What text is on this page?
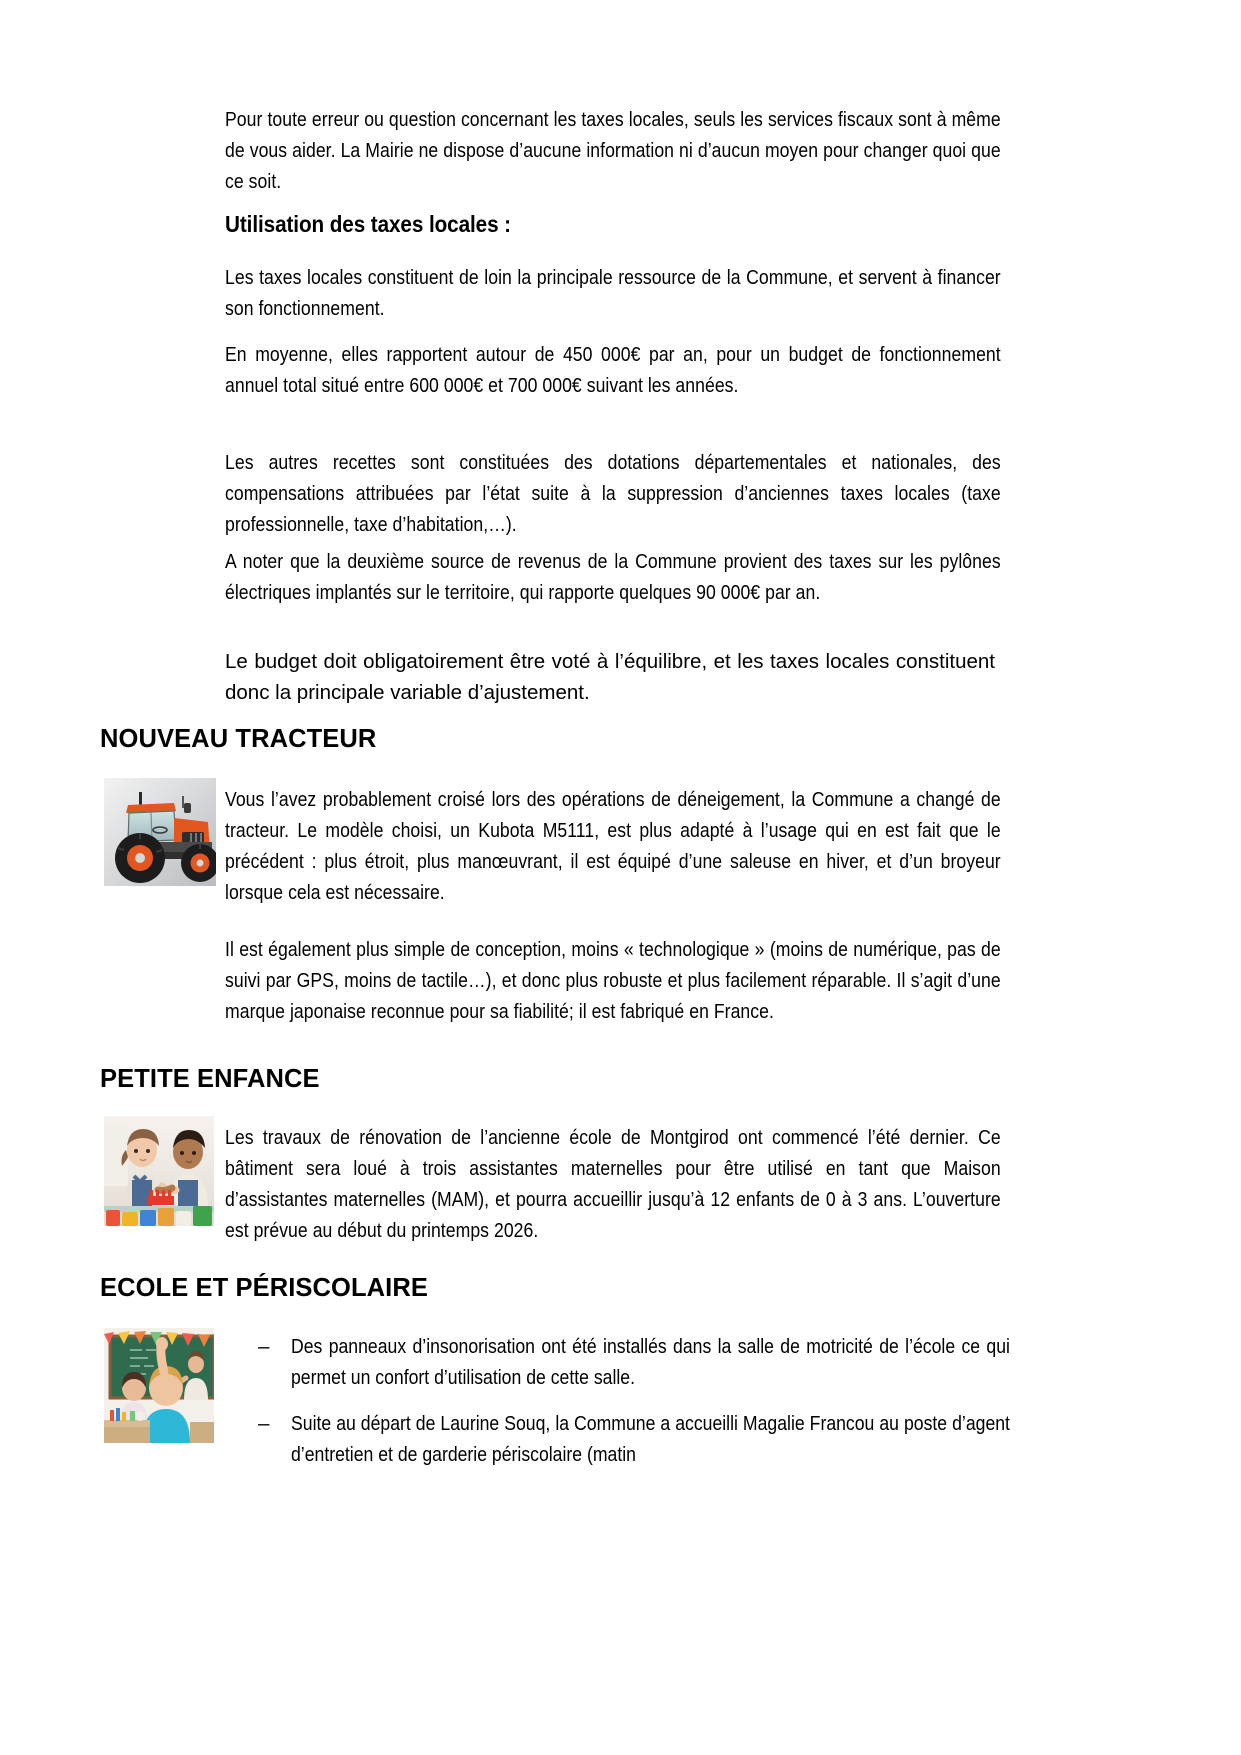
Pour toute erreur ou question concernant les taxes locales, seuls les services fiscaux sont à même de vous aider. La Mairie ne dispose d’aucune information ni d’aucun moyen pour changer quoi que ce soit.
Utilisation des taxes locales :
Les taxes locales constituent de loin la principale ressource de la Commune, et servent à financer son fonctionnement.
En moyenne, elles rapportent autour de 450 000€ par an, pour un budget de fonctionnement annuel total situé entre 600 000€ et 700 000€ suivant les années.
Les autres recettes sont constituées des dotations départementales et nationales, des compensations attribuées par l’état suite à la suppression d’anciennes taxes locales (taxe professionnelle, taxe d’habitation,…).
A noter que la deuxième source de revenus de la Commune provient des taxes sur les pylônes électriques implantés sur le territoire, qui rapporte quelques 90 000€ par an.
Le budget doit obligatoirement être voté à l’équilibre, et les taxes locales constituent donc la principale variable d’ajustement.
NOUVEAU TRACTEUR
Vous l’avez probablement croisé lors des opérations de déneigement, la Commune a changé de tracteur. Le modèle choisi, un Kubota M5111, est plus adapté à l’usage qui en est fait que le précédent : plus étroit, plus manœuvrant, il est équipé d’une saleuse en hiver, et d’un broyeur lorsque cela est nécessaire.
Il est également plus simple de conception, moins « technologique » (moins de numérique, pas de suivi par GPS, moins de tactile…), et donc plus robuste et plus facilement réparable. Il s’agit d’une marque japonaise reconnue pour sa fiabilité; il est fabriqué en France.
PETITE ENFANCE
Les travaux de rénovation de l’ancienne école de Montgirod ont commencé l’été dernier. Ce bâtiment sera loué à trois assistantes maternelles pour être utilisé en tant que Maison d’assistantes maternelles (MAM), et pourra accueillir jusqu’à 12 enfants de 0 à 3 ans. L’ouverture est prévue au début du printemps 2026.
ECOLE ET PÉRISCOLAIRE
– Des panneaux d’insonorisation ont été installés dans la salle de motricité de l’école ce qui permet un confort d’utilisation de cette salle.
– Suite au départ de Laurine Souq, la Commune a accueilli Magalie Francou au poste d’agent d’entretien et de garderie périscolaire (matin
